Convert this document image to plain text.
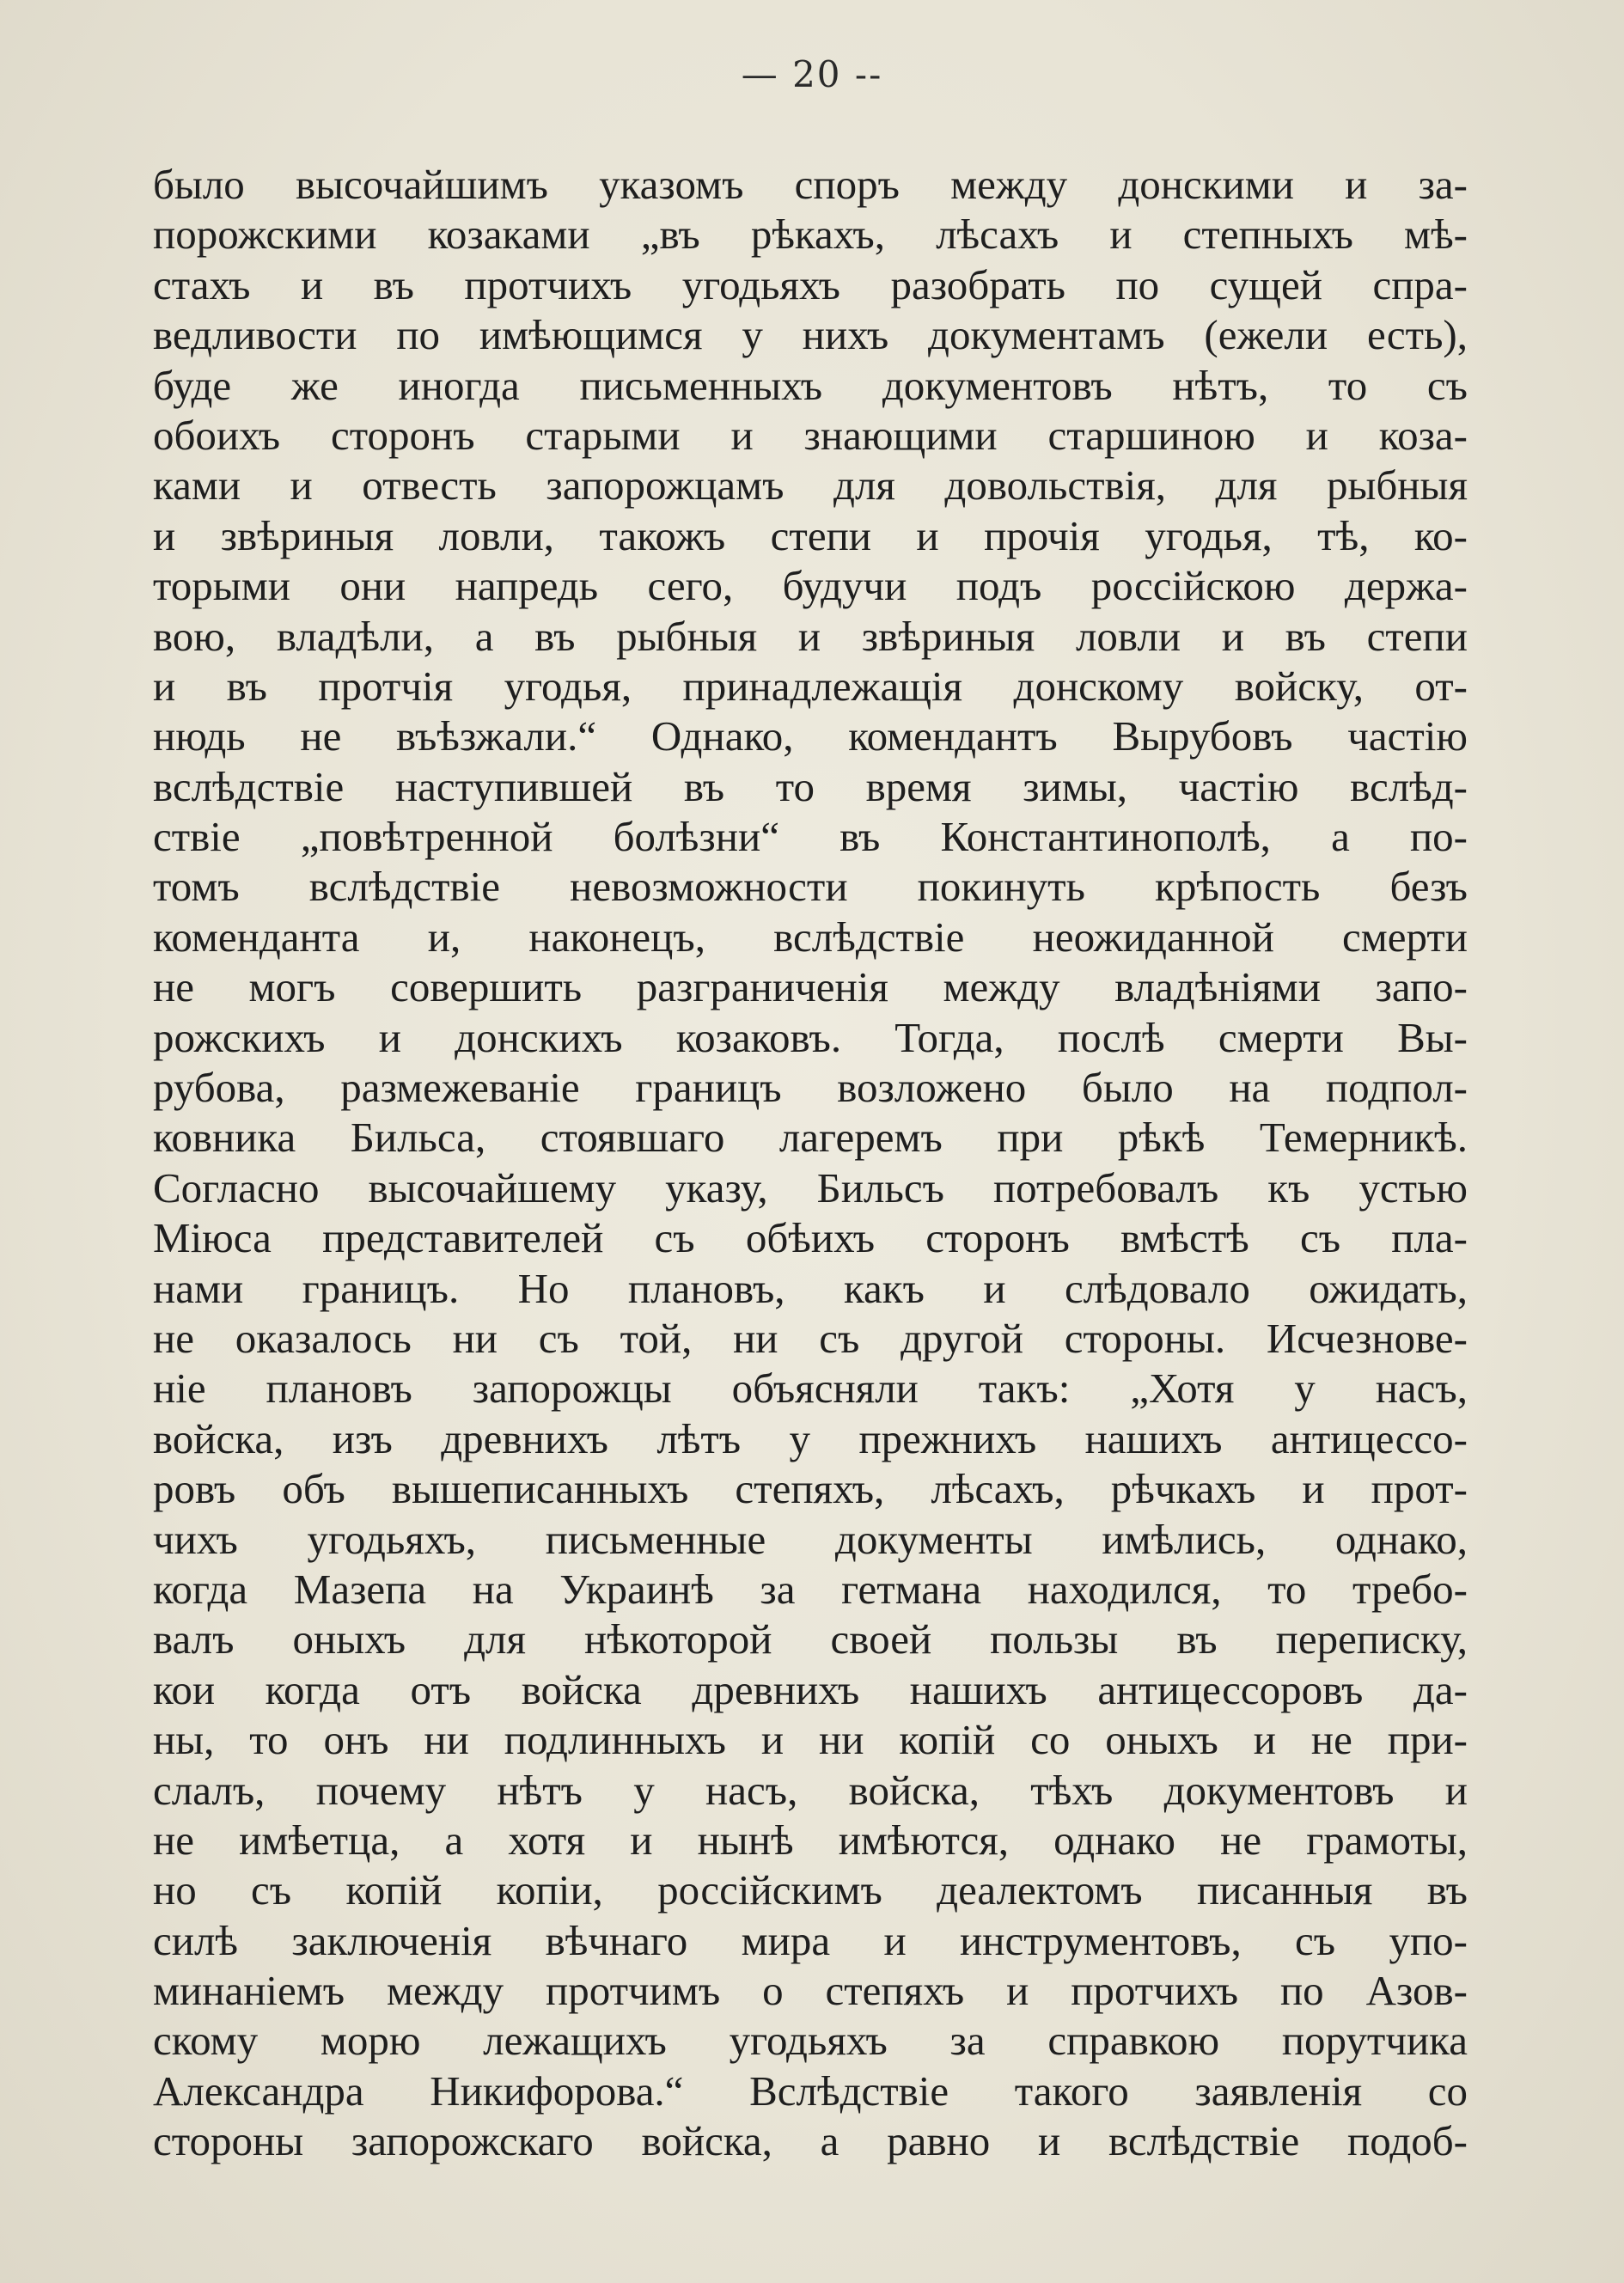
— 20 --
было высочайшимъ указомъ споръ между донскими и за-
порожскими козаками „въ рѣкахъ, лѣсахъ и степныхъ мѣ-
стахъ и въ протчихъ угодьяхъ разобрать по сущей спра-
ведливости по имѣющимся у нихъ документамъ (ежели есть),
буде же иногда письменныхъ документовъ нѣтъ, то съ
обоихъ сторонъ старыми и знающими старшиною и коза-
ками и отвесть запорожцамъ для довольствія, для рыбныя
и звѣриныя ловли, такожъ степи и прочія угодья, тѣ, ко-
торыми они напредь сего, будучи подъ россійскою держа-
вою, владѣли, а въ рыбныя и звѣриныя ловли и въ степи
и въ протчія угодья, принадлежащія донскому войску, от-
нюдь не въѣзжали.“ Однако, комендантъ Вырубовъ частію
вслѣдствіе наступившей въ то время зимы, частію вслѣд-
ствіе „повѣтренной болѣзни“ въ Константинополѣ, а по-
томъ вслѣдствіе невозможности покинуть крѣпость безъ
коменданта и, наконецъ, вслѣдствіе неожиданной смерти
не могъ совершить разграниченія между владѣніями запо-
рожскихъ и донскихъ козаковъ. Тогда, послѣ смерти Вы-
рубова, размежеваніе границъ возложено было на подпол-
ковника Бильса, стоявшаго лагеремъ при рѣкѣ Темерникѣ.
Согласно высочайшему указу, Бильсъ потребовалъ къ устью
Міюса представителей съ обѣихъ сторонъ вмѣстѣ съ пла-
нами границъ. Но плановъ, какъ и слѣдовало ожидать,
не оказалось ни съ той, ни съ другой стороны. Исчезнове-
ніе плановъ запорожцы объясняли такъ: „Хотя у насъ,
войска, изъ древнихъ лѣтъ у прежнихъ нашихъ антицессо-
ровъ объ вышеписанныхъ степяхъ, лѣсахъ, рѣчкахъ и прот-
чихъ угодьяхъ, письменные документы имѣлись, однако,
когда Мазепа на Украинѣ за гетмана находился, то требо-
валъ оныхъ для нѣкоторой своей пользы въ переписку,
кои когда отъ войска древнихъ нашихъ антицессоровъ да-
ны, то онъ ни подлинныхъ и ни копій со оныхъ и не при-
слалъ, почему нѣтъ у насъ, войска, тѣхъ документовъ и
не имѣетца, а хотя и нынѣ имѣются, однако не грамоты,
но съ копій копіи, россійскимъ деалектомъ писанныя въ
силѣ заключенія вѣчнаго мира и инструментовъ, съ упо-
минаніемъ между протчимъ о степяхъ и протчихъ по Азов-
скому морю лежащихъ угодьяхъ за справкою порутчика
Александра Никифорова.“ Вслѣдствіе такого заявленія со
стороны запорожскаго войска, а равно и вслѣдствіе подоб-
